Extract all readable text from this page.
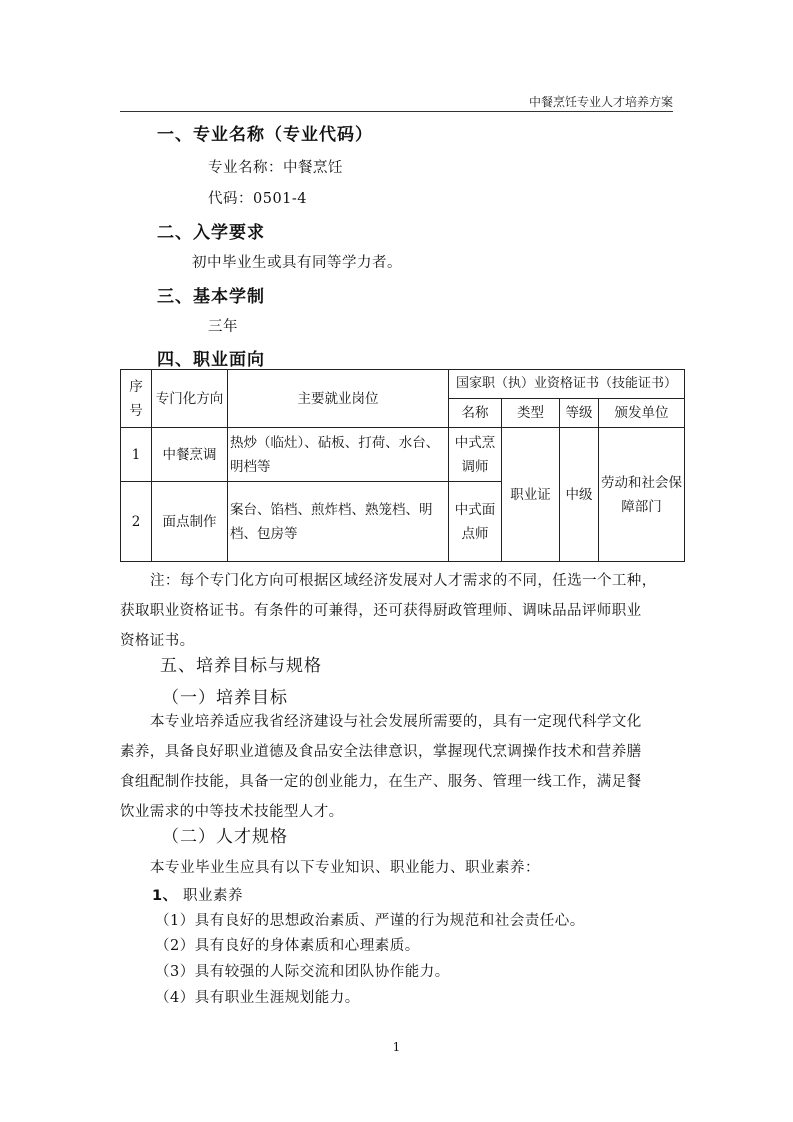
中餐烹饪专业人才培养方案
一、专业名称（专业代码）
专业名称：中餐烹饪
代码：0501-4
二、入学要求
初中毕业生或具有同等学力者。
三、基本学制
三年
四、职业面向
序号	专门化方向	主要就业岗位	国家职（执）业资格证书（技能证书）			
			名称	类型	等级	颁发单位
1	中餐烹调	热炒（临灶）、砧板、打荷、水台、明档等	中式烹调师	职业证	中级	劳动和社会保障部门
2	面点制作	案台、馅档、煎炸档、熟笼档、明档、包房等	中式面点师			
注：每个专门化方向可根据区域经济发展对人才需求的不同，任选一个工种，
获取职业资格证书。有条件的可兼得，还可获得厨政管理师、调味品品评师职业
资格证书。
五、培养目标与规格
（一）培养目标
本专业培养适应我省经济建设与社会发展所需要的，具有一定现代科学文化
素养，具备良好职业道德及食品安全法律意识，掌握现代烹调操作技术和营养膳
食组配制作技能，具备一定的创业能力，在生产、服务、管理一线工作，满足餐
饮业需求的中等技术技能型人才。
（二）人才规格
本专业毕业生应具有以下专业知识、职业能力、职业素养：
1、 职业素养
（1）具有良好的思想政治素质、严谨的行为规范和社会责任心。
（2）具有良好的身体素质和心理素质。
（3）具有较强的人际交流和团队协作能力。
（4）具有职业生涯规划能力。
1
